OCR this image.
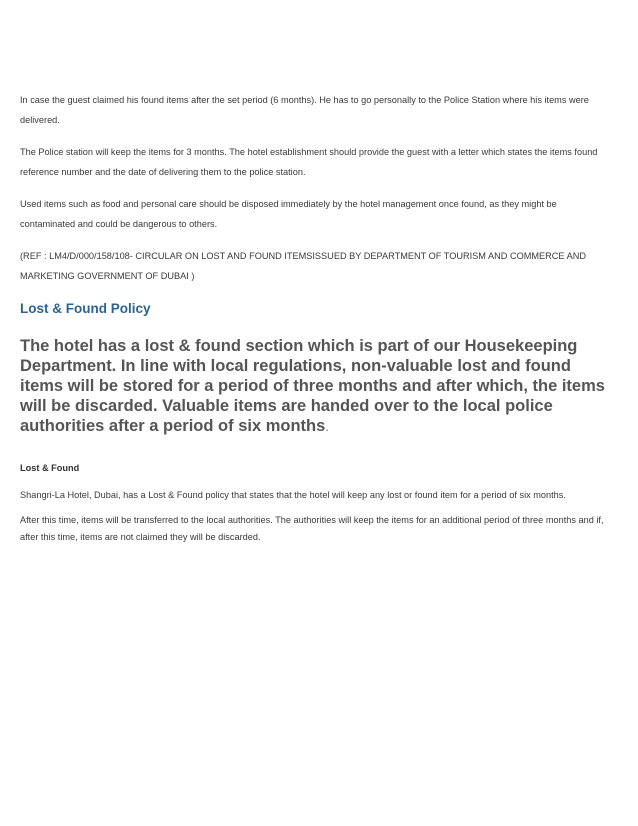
In case the guest claimed his found items after the set period (6 months). He has to go personally to the Police Station where his items were delivered.

The Police station will keep the items for 3 months. The hotel establishment should provide the guest with a letter which states the items found reference number and the date of delivering them to the police station.

Used items such as food and personal care should be disposed immediately by the hotel management once found, as they might be contaminated and could be dangerous to others.

(REF : LM4/D/000/158/108- CIRCULAR ON LOST AND FOUND ITEMSISSUED BY DEPARTMENT OF TOURISM AND COMMERCE AND MARKETING GOVERNMENT OF DUBAI )

Lost & Found Policy

The hotel has a lost & found section which is part of our Housekeeping Department. In line with local regulations, non-valuable lost and found items will be stored for a period of three months and after which, the items will be discarded. Valuable items are handed over to the local police authorities after a period of six months.

Lost & Found

Shangri-La Hotel, Dubai, has a Lost & Found policy that states that the hotel will keep any lost or found item for a period of six months.

After this time, items will be transferred to the local authorities. The authorities will keep the items for an additional period of three months and if, after this time, items are not claimed they will be discarded.
